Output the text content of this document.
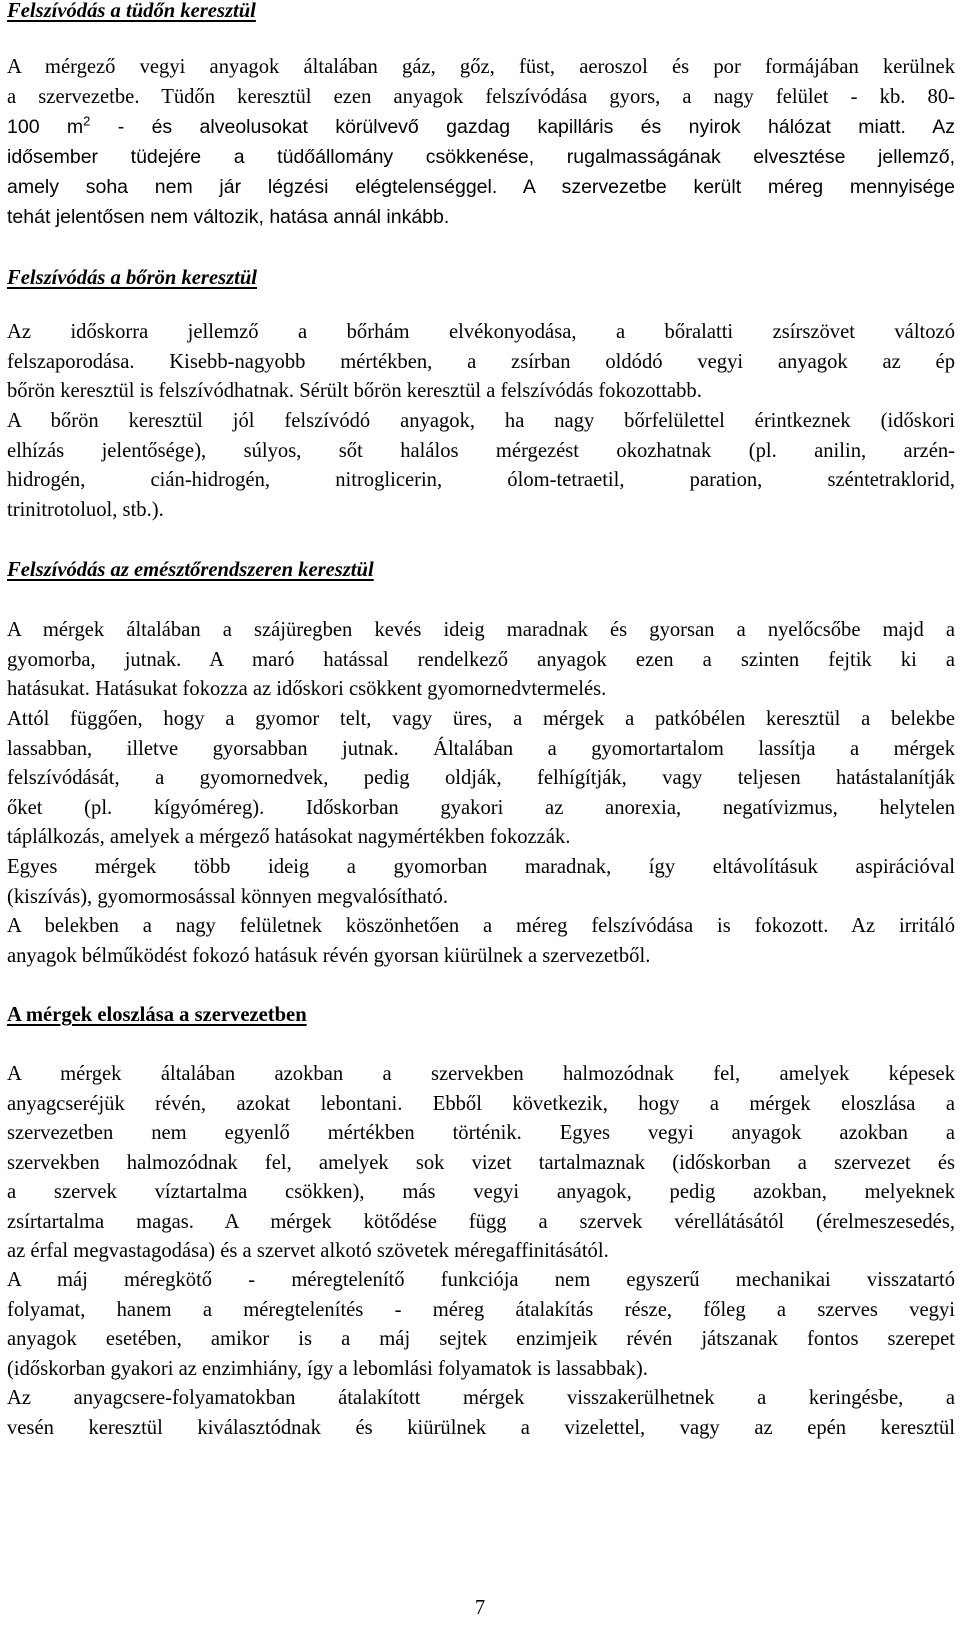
Felszívódás a tüdőn keresztül
A mérgező vegyi anyagok általában gáz, gőz, füst, aeroszol és por formájában kerülnek
a szervezetbe. Tüdőn keresztül ezen anyagok felszívódása gyors, a nagy felület - kb. 80-
100 $m^2$ - és alveolusokat körülvevő gazdag kapilláris és nyirok hálózat miatt. Az
idősember tüdejére a tüdőállomány csökkenése, rugalmasságának elvesztése jellemző,
amely soha nem jár légzési elégtelenséggel. A szervezetbe került méreg mennyisége
tehát jelentősen nem változik, hatása annál inkább.
Felszívódás a bőrön keresztül
Az időskorra jellemző a bőrhám elvékonyodása, a bőralatti zsírszövet változó
felszaporodása. Kisebb-nagyobb mértékben, a zsírban oldódó vegyi anyagok az ép
bőrön keresztül is felszívódhatnak. Sérült bőrön keresztül a felszívódás fokozottabb.
A bőrön keresztül jól felszívódó anyagok, ha nagy bőrfelülettel érintkeznek (időskori
elhízás jelentősége), súlyos, sőt halálos mérgezést okozhatnak (pl. anilin, arzén-
hidrogén, cián-hidrogén, nitroglicerin, ólom-tetraetil, paration, széntetraklorid,
trinitrotoluol, stb.).
Felszívódás az emésztőrendszeren keresztül
A mérgek általában a szájüregben kevés ideig maradnak és gyorsan a nyelőcsőbe majd a
gyomorba, jutnak. A maró hatással rendelkező anyagok ezen a szinten fejtik ki a
hatásukat. Hatásukat fokozza az időskori csökkent gyomornedvtermelés.
Attól függően, hogy a gyomor telt, vagy üres, a mérgek a patkóbélen keresztül a belekbe
lassabban, illetve gyorsabban jutnak. Általában a gyomortartalom lassítja a mérgek
felszívódását, a gyomornedvek, pedig oldják, felhígítják, vagy teljesen hatástalanítják
őket (pl. kígyóméreg). Időskorban gyakori az anorexia, negatívizmus, helytelen
táplálkozás, amelyek a mérgező hatásokat nagymértékben fokozzák.
Egyes mérgek több ideig a gyomorban maradnak, így eltávolításuk aspirációval
(kiszívás), gyomormosással könnyen megvalósítható.
A belekben a nagy felületnek köszönhetően a méreg felszívódása is fokozott. Az irritáló
anyagok bélműködést fokozó hatásuk révén gyorsan kiürülnek a szervezetből.
A mérgek eloszlása a szervezetben
A mérgek általában azokban a szervekben halmozódnak fel, amelyek képesek
anyagcseréjük révén, azokat lebontani. Ebből következik, hogy a mérgek eloszlása a
szervezetben nem egyenlő mértékben történik. Egyes vegyi anyagok azokban a
szervekben halmozódnak fel, amelyek sok vizet tartalmaznak (időskorban a szervezet és
a szervek víztartalma csökken), más vegyi anyagok, pedig azokban, melyeknek
zsírtartalma magas. A mérgek kötődése függ a szervek vérellátásától (érelmeszesedés,
az érfal megvastagodása) és a szervet alkotó szövetek méregaffinitásától.
A máj méregkötő - méregtelenítő funkciója nem egyszerű mechanikai visszatartó
folyamat, hanem a méregtelenítés - méreg átalakítás része, főleg a szerves vegyi
anyagok esetében, amikor is a máj sejtek enzimjeik révén játszanak fontos szerepet
(időskorban gyakori az enzimhiány, így a lebomlási folyamatok is lassabbak).
Az anyagcsere-folyamatokban átalakított mérgek visszakerülhetnek a keringésbe, a
vesén keresztül kiválasztódnak és kiürülnek a vizelettel, vagy az epén keresztül
7
